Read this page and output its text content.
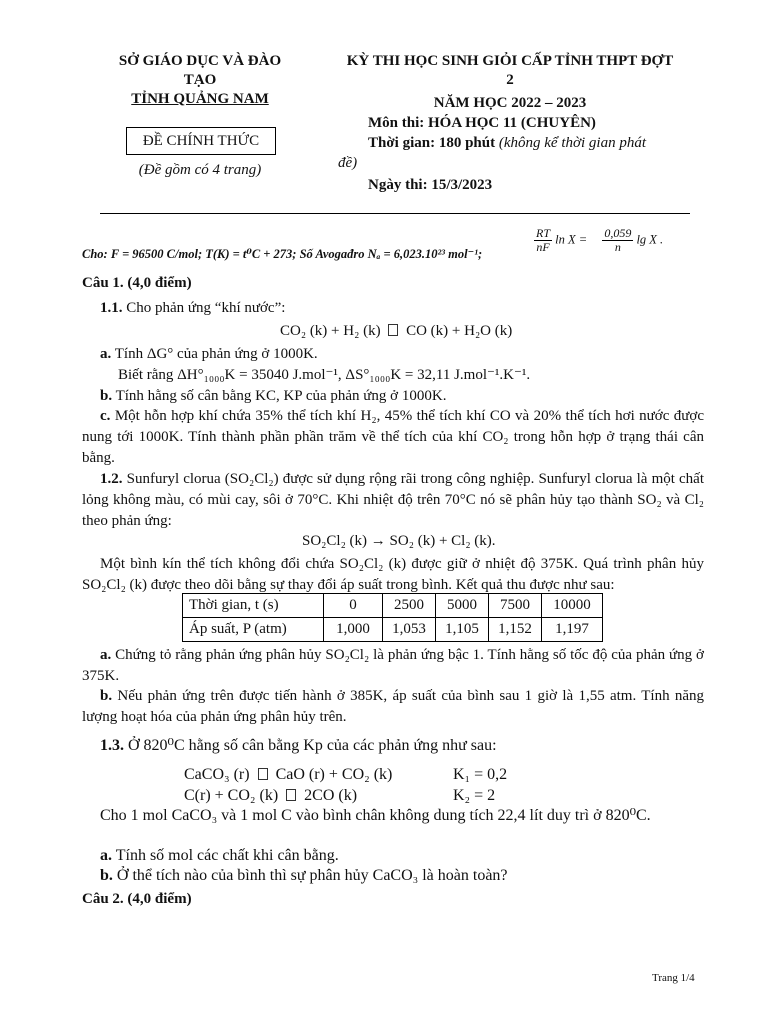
SỞ GIÁO DỤC VÀ ĐÀO
TẠO
TỈNH QUẢNG NAM
ĐỀ CHÍNH THỨC
(Đề gồm có 4 trang)
KỲ THI HỌC SINH GIỎI CẤP TỈNH THPT ĐỢT
2
NĂM HỌC 2022 – 2023
Môn thi: HÓA HỌC 11 (CHUYÊN)
Thời gian: 180 phút (không kể thời gian phát
đề)
Ngày thi: 15/3/2023
Cho: F = 96500 C/mol; T(K) = t⁰C + 273; Số Avogađro Nₐ = 6,023.10²³ mol⁻¹;	$\frac{RT}{nF}$ $\ln X = \frac{0,059}{n}$ lg X .
Câu 1. (4,0 điểm)
1.1. Cho phản ứng “khí nước”:
CO₂ (k) + H₂ (k) CO (k) + H₂O (k)
a. Tính ΔG° của phản ứng ở 1000K.
Biết rằng ΔH°₁₀₀₀K = 35040 J.mol⁻¹, ΔS°₁₀₀₀K = 32,11 J.mol⁻¹.K⁻¹.
b. Tính hằng số cân bằng KC, KP của phản ứng ở 1000K.
c. Một hỗn hợp khí chứa 35% thể tích khí H₂, 45% thể tích khí CO và 20% thể tích hơi nước được nung tới 1000K. Tính thành phần phần trăm về thể tích của khí CO₂ trong hỗn hợp ở trạng thái cân bằng.
1.2. Sunfuryl clorua (SO₂Cl₂) được sử dụng rộng rãi trong công nghiệp. Sunfuryl clorua là một chất lỏng không màu, có mùi cay, sôi ở 70°C. Khi nhiệt độ trên 70°C nó sẽ phân hủy tạo thành SO₂ và Cl₂ theo phản ứng:
SO₂Cl₂ (k) → SO₂ (k) + Cl₂ (k).
Một bình kín thể tích không đổi chứa SO₂Cl₂ (k) được giữ ở nhiệt độ 375K. Quá trình phân hủy SO₂Cl₂ (k) được theo dõi bằng sự thay đổi áp suất trong bình. Kết quả thu được như sau:
Thời gian, t (s)	0	2500	5000	7500	10000
Áp suất, P (atm)	1,000	1,053	1,105	1,152	1,197
a. Chứng tỏ rằng phản ứng phân hủy SO₂Cl₂ là phản ứng bậc 1. Tính hằng số tốc độ của phản ứng ở 375K.
b. Nếu phản ứng trên được tiến hành ở 385K, áp suất của bình sau 1 giờ là 1,55 atm. Tính năng lượng hoạt hóa của phản ứng phân hủy trên.
1.3. Ở 820⁰C hằng số cân bằng Kp của các phản ứng như sau:
CaCO₃ (r) CaO (r) + CO₂ (k)	K₁ = 0,2
C(r) + CO₂ (k) 2CO (k)	K₂ = 2
Cho 1 mol CaCO₃ và 1 mol C vào bình chân không dung tích 22,4 lít duy trì ở 820⁰C.
a. Tính số mol các chất khi cân bằng.
b. Ở thể tích nào của bình thì sự phân hủy CaCO₃ là hoàn toàn?
Câu 2. (4,0 điểm)
Trang 1/4
